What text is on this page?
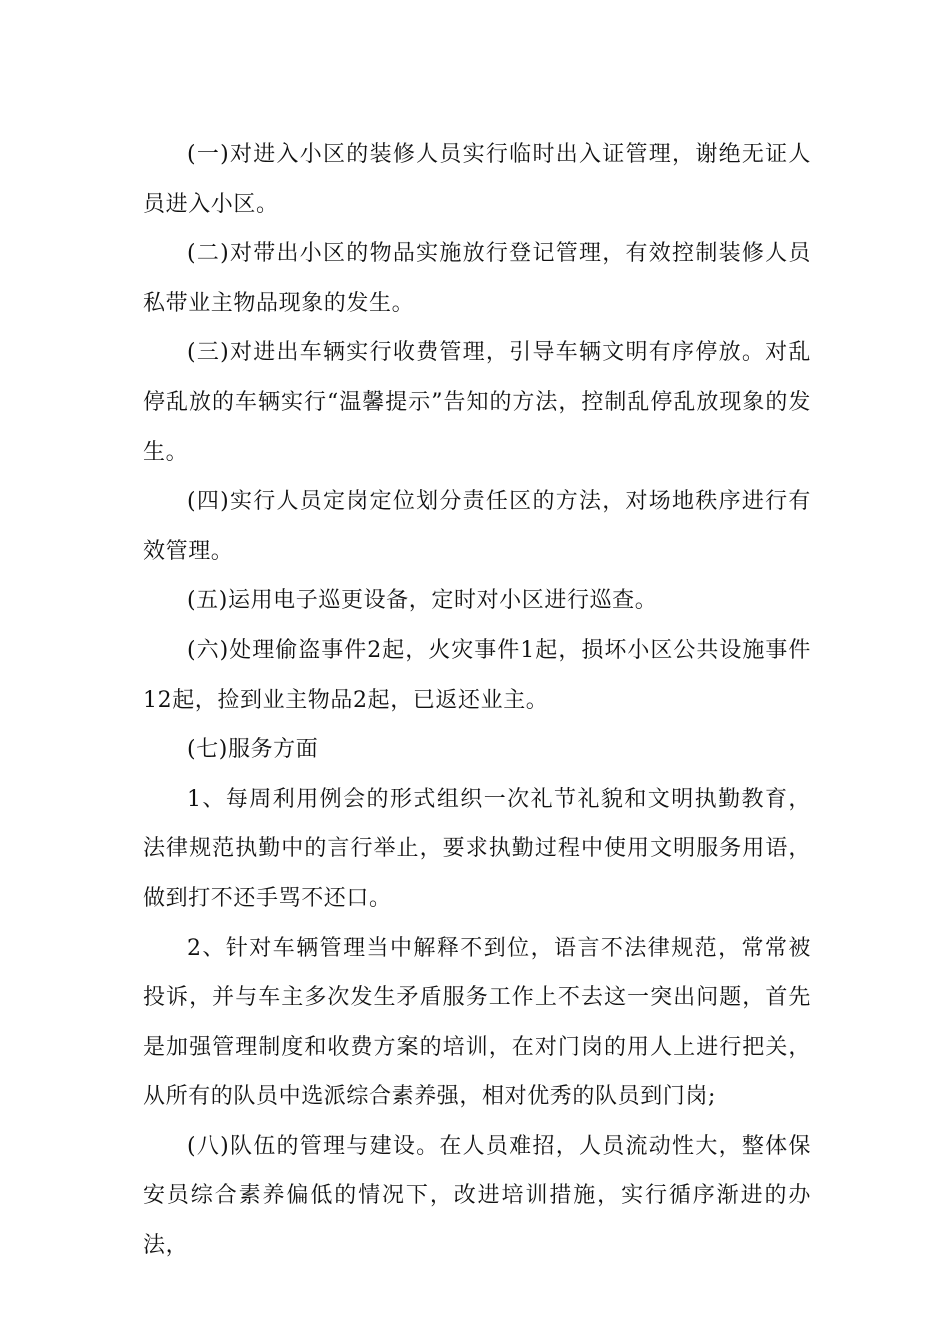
(一)对进入小区的装修人员实行临时出入证管理，谢绝无证人员进入小区。

(二)对带出小区的物品实施放行登记管理，有效控制装修人员私带业主物品现象的发生。

(三)对进出车辆实行收费管理，引导车辆文明有序停放。对乱停乱放的车辆实行“温馨提示”告知的方法，控制乱停乱放现象的发生。

(四)实行人员定岗定位划分责任区的方法，对场地秩序进行有效管理。

(五)运用电子巡更设备，定时对小区进行巡查。

(六)处理偷盗事件2起，火灾事件1起，损坏小区公共设施事件12起，捡到业主物品2起，已返还业主。

(七)服务方面

1、每周利用例会的形式组织一次礼节礼貌和文明执勤教育，法律规范执勤中的言行举止，要求执勤过程中使用文明服务用语，做到打不还手骂不还口。

2、针对车辆管理当中解释不到位，语言不法律规范，常常被投诉，并与车主多次发生矛盾服务工作上不去这一突出问题，首先是加强管理制度和收费方案的培训，在对门岗的用人上进行把关，从所有的队员中选派综合素养强，相对优秀的队员到门岗;

(八)队伍的管理与建设。在人员难招，人员流动性大，整体保安员综合素养偏低的情况下，改进培训措施，实行循序渐进的办法，
